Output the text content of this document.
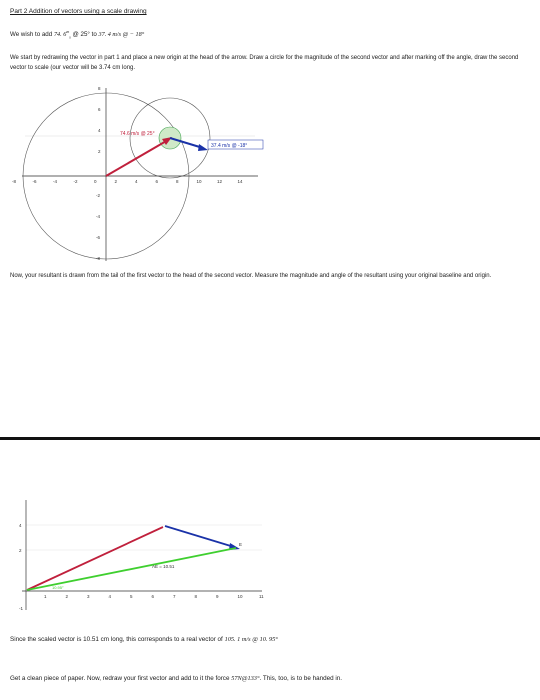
Part 2 Addition of vectors using a scale drawing
We wish to add 74. $6^m_s$ @ 25° to 37. 4 m/s @ − 18°

We start by redrawing the vector in part 1 and place a new origin at the head of the arrow. Draw a circle for the magnitude of the second vector and after marking off the angle, draw the second vector to scale (our vector will be 3.74 cm long.

74.6 m/s @ 25°
37.4 m/s @ -18°
-8	-6	-4	-2	0	2	4	6	8	10	12	14
8
6
4
2
-2
-4
-6
-8

Now, your resultant is drawn from the tail of the first vector to the head of the second vector. Measure the magnitude and angle of the resultant using your original baseline and origin.

AE = 10.51
10.95°
E
1	2	3	4	5	6	7	8	9	10	11
4
2
-1
Since the scaled vector is 10.51 cm long, this corresponds to a real vector of 105. 1 m/s @ 10. 95°
Get a clean piece of paper. Now, redraw your first vector and add to it the force 57N@133°. This, too, is to be handed in.
